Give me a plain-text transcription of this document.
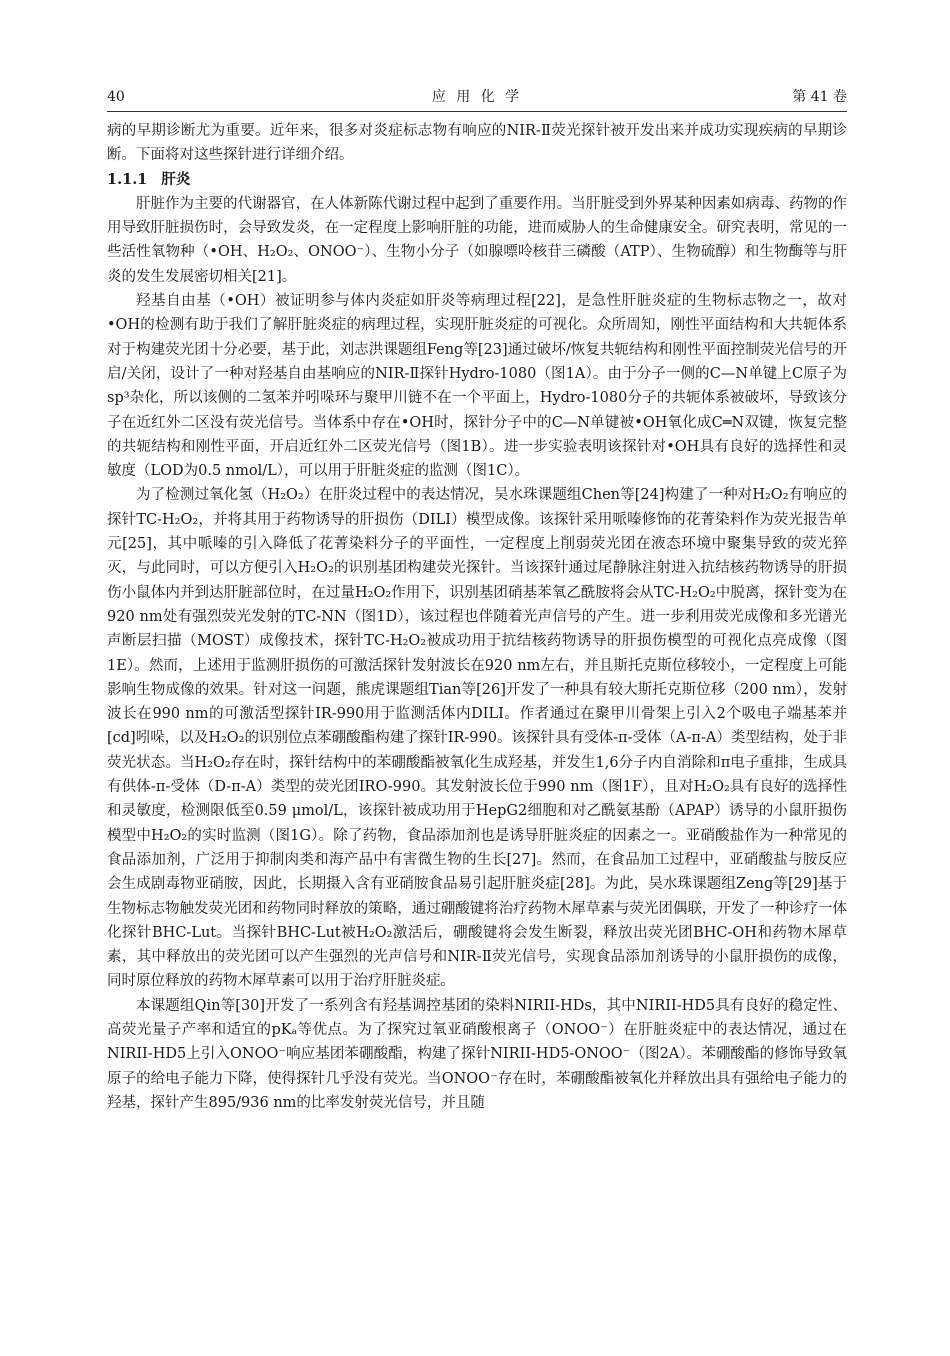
40	应 用 化 学	第 41 卷

病的早期诊断尤为重要。近年来，很多对炎症标志物有响应的NIR-Ⅱ荧光探针被开发出来并成功实现疾病的早期诊断。下面将对这些探针进行详细介绍。

1.1.1 肝炎

肝脏作为主要的代谢器官，在人体新陈代谢过程中起到了重要作用。当肝脏受到外界某种因素如病毒、药物的作用导致肝脏损伤时，会导致发炎，在一定程度上影响肝脏的功能，进而威胁人的生命健康安全。研究表明，常见的一些活性氧物种（•OH、H₂O₂、ONOO⁻）、生物小分子（如腺嘌呤核苷三磷酸（ATP）、生物硫醇）和生物酶等与肝炎的发生发展密切相关[21]。

羟基自由基（•OH）被证明参与体内炎症如肝炎等病理过程[22]，是急性肝脏炎症的生物标志物之一，故对•OH的检测有助于我们了解肝脏炎症的病理过程，实现肝脏炎症的可视化。众所周知，刚性平面结构和大共轭体系对于构建荧光团十分必要，基于此，刘志洪课题组Feng等[23]通过破坏/恢复共轭结构和刚性平面控制荧光信号的开启/关闭，设计了一种对羟基自由基响应的NIR-Ⅱ探针Hydro-1080（图1A）。由于分子一侧的C—N单键上C原子为sp³杂化，所以该侧的二氢苯并吲哚环与聚甲川链不在一个平面上，Hydro-1080分子的共轭体系被破坏，导致该分子在近红外二区没有荧光信号。当体系中存在•OH时，探针分子中的C—N单键被•OH氧化成C═N双键，恢复完整的共轭结构和刚性平面，开启近红外二区荧光信号（图1B）。进一步实验表明该探针对•OH具有良好的选择性和灵敏度（LOD为0.5 nmol/L），可以用于肝脏炎症的监测（图1C）。

为了检测过氧化氢（H₂O₂）在肝炎过程中的表达情况，吴水珠课题组Chen等[24]构建了一种对H₂O₂有响应的探针TC-H₂O₂，并将其用于药物诱导的肝损伤（DILI）模型成像。该探针采用哌嗪修饰的花菁染料作为荧光报告单元[25]，其中哌嗪的引入降低了花菁染料分子的平面性，一定程度上削弱荧光团在液态环境中聚集导致的荧光猝灭，与此同时，可以方便引入H₂O₂的识别基团构建荧光探针。当该探针通过尾静脉注射进入抗结核药物诱导的肝损伤小鼠体内并到达肝脏部位时，在过量H₂O₂作用下，识别基团硝基苯氧乙酰胺将会从TC-H₂O₂中脱离，探针变为在920 nm处有强烈荧光发射的TC-NN（图1D），该过程也伴随着光声信号的产生。进一步利用荧光成像和多光谱光声断层扫描（MOST）成像技术，探针TC-H₂O₂被成功用于抗结核药物诱导的肝损伤模型的可视化点亮成像（图1E）。然而，上述用于监测肝损伤的可激活探针发射波长在920 nm左右，并且斯托克斯位移较小，一定程度上可能影响生物成像的效果。针对这一问题，熊虎课题组Tian等[26]开发了一种具有较大斯托克斯位移（200 nm），发射波长在990 nm的可激活型探针IR-990用于监测活体内DILI。作者通过在聚甲川骨架上引入2个吸电子端基苯并[cd]吲哚，以及H₂O₂的识别位点苯硼酸酯构建了探针IR-990。该探针具有受体-π-受体（A-π-A）类型结构，处于非荧光状态。当H₂O₂存在时，探针结构中的苯硼酸酯被氧化生成羟基，并发生1,6分子内自消除和π电子重排，生成具有供体-π-受体（D-π-A）类型的荧光团IRO-990。其发射波长位于990 nm（图1F），且对H₂O₂具有良好的选择性和灵敏度，检测限低至0.59 μmol/L，该探针被成功用于HepG2细胞和对乙酰氨基酚（APAP）诱导的小鼠肝损伤模型中H₂O₂的实时监测（图1G）。除了药物，食品添加剂也是诱导肝脏炎症的因素之一。亚硝酸盐作为一种常见的食品添加剂，广泛用于抑制肉类和海产品中有害微生物的生长[27]。然而，在食品加工过程中，亚硝酸盐与胺反应会生成剧毒物亚硝胺，因此，长期摄入含有亚硝胺食品易引起肝脏炎症[28]。为此，吴水珠课题组Zeng等[29]基于生物标志物触发荧光团和药物同时释放的策略，通过硼酸键将治疗药物木犀草素与荧光团偶联，开发了一种诊疗一体化探针BHC-Lut。当探针BHC-Lut被H₂O₂激活后，硼酸键将会发生断裂，释放出荧光团BHC-OH和药物木犀草素，其中释放出的荧光团可以产生强烈的光声信号和NIR-Ⅱ荧光信号，实现食品添加剂诱导的小鼠肝损伤的成像，同时原位释放的药物木犀草素可以用于治疗肝脏炎症。

本课题组Qin等[30]开发了一系列含有羟基调控基团的染料NIRII-HDs，其中NIRII-HD5具有良好的稳定性、高荧光量子产率和适宜的pKₐ等优点。为了探究过氧亚硝酸根离子（ONOO⁻）在肝脏炎症中的表达情况，通过在NIRII-HD5上引入ONOO⁻响应基团苯硼酸酯，构建了探针NIRII-HD5-ONOO⁻（图2A）。苯硼酸酯的修饰导致氧原子的给电子能力下降，使得探针几乎没有荧光。当ONOO⁻存在时，苯硼酸酯被氧化并释放出具有强给电子能力的羟基，探针产生895/936 nm的比率发射荧光信号，并且随
